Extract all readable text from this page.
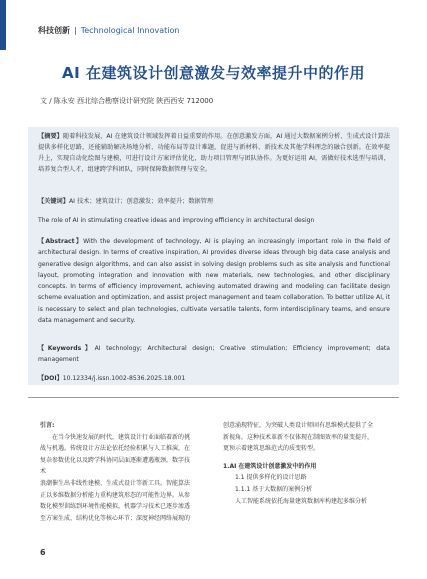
科技创新 | Technological Innovation
AI 在建筑设计创意激发与效率提升中的作用
文 / 陈永安 西北综合勘察设计研究院 陕西西安 712000
【摘要】随着科技发展，AI 在建筑设计领域发挥着日益重要的作用。在创意激发方面，AI 通过大数据案例分析、生成式设计算法提供多样化思路，还能辅助解决场地分析、功能布局等设计难题，促进与新材料、新技术及其他学科理念的融合创新。在效率提升上，实现自动化绘图与建模，可进行设计方案评估优化，助力项目管理与团队协作。为更好运用 AI，需做好技术选型与培训，培养复合型人才，组建跨学科团队，同时保障数据管理与安全。
【关键词】AI 技术；建筑设计；创意激发；效率提升；数据管理
The role of AI in stimulating creative ideas and improving efficiency in architectural design
【Abstract】With the development of technology, AI is playing an increasingly important role in the field of architectural design. In terms of creative inspiration, AI provides diverse ideas through big data case analysis and generative design algorithms, and can also assist in solving design problems such as site analysis and functional layout, promoting integration and innovation with new materials, new technologies, and other disciplinary concepts. In terms of efficiency improvement, achieving automated drawing and modeling can facilitate design scheme evaluation and optimization, and assist project management and team collaboration. To better utilize AI, it is necessary to select and plan technologies, cultivate versatile talents, form interdisciplinary teams, and ensure data management and security.
【Keywords】AI technology; Architectural design; Creative stimulation; Efficiency improvement; data management
【DOI】10.12334/j.issn.1002-8536.2025.18.001

引言:

在当今快速发展的时代，建筑设计行业面临着新的挑

战与机遇。传统设计方法论依托经验积累与人工推演，在

复杂参数优化以及跨学科协同层面逐渐遭遇瓶颈。数字技术

浪潮催生出非线性建模、生成式设计等新工具。智能算法

正以多维数据分析能力重构建筑形态的可能性边界。从参

数化模型训练到环境性能模拟，机器学习技术已逐步渗透

至方案生成、结构优化等核心环节；深度神经网络展现的

创意涌现特征，为突破人类设计师固有思维模式提供了全

新视角。这种技术革新不仅体现在制图效率的量变提升，

更预示着建筑思维范式的质变转型。

1.AI 在建筑设计创意激发中的作用

1.1 提供多样化的设计思路

1.1.1 基于大数据的案例分析

人工智能系统依托海量建筑数据库构建起多维分析

6
